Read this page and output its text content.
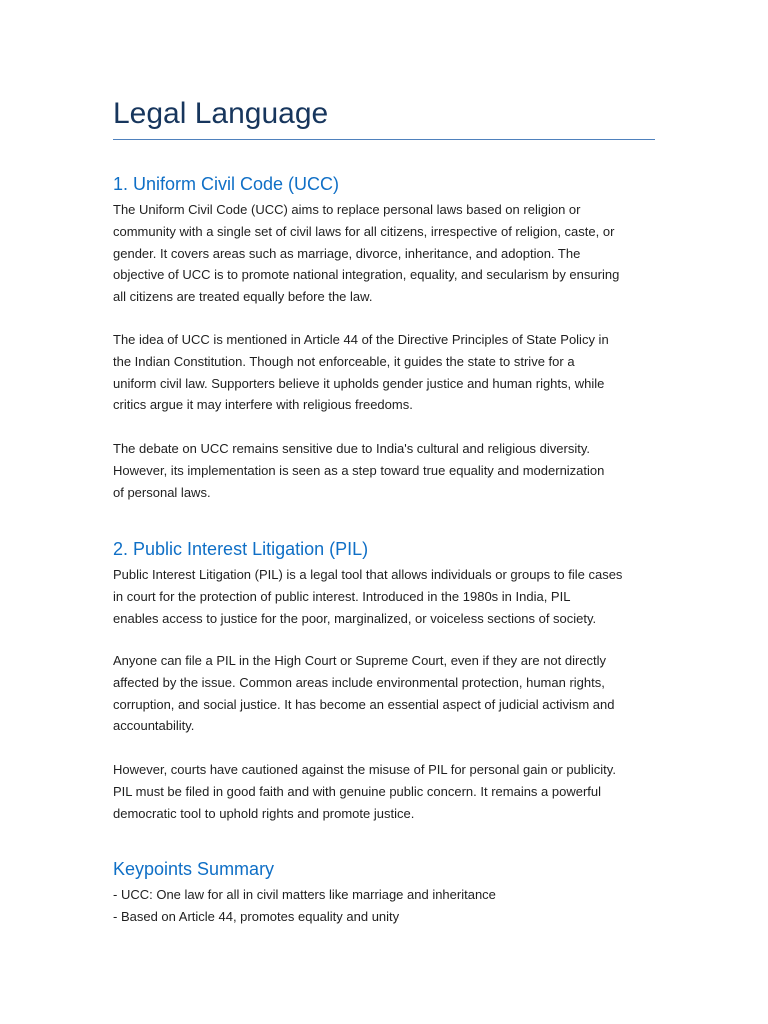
Legal Language
1. Uniform Civil Code (UCC)

The Uniform Civil Code (UCC) aims to replace personal laws based on religion or
community with a single set of civil laws for all citizens, irrespective of religion, caste, or
gender. It covers areas such as marriage, divorce, inheritance, and adoption. The
objective of UCC is to promote national integration, equality, and secularism by ensuring
all citizens are treated equally before the law.

The idea of UCC is mentioned in Article 44 of the Directive Principles of State Policy in
the Indian Constitution. Though not enforceable, it guides the state to strive for a
uniform civil law. Supporters believe it upholds gender justice and human rights, while
critics argue it may interfere with religious freedoms.

The debate on UCC remains sensitive due to India's cultural and religious diversity.
However, its implementation is seen as a step toward true equality and modernization
of personal laws.

2. Public Interest Litigation (PIL)

Public Interest Litigation (PIL) is a legal tool that allows individuals or groups to file cases
in court for the protection of public interest. Introduced in the 1980s in India, PIL
enables access to justice for the poor, marginalized, or voiceless sections of society.

Anyone can file a PIL in the High Court or Supreme Court, even if they are not directly
affected by the issue. Common areas include environmental protection, human rights,
corruption, and social justice. It has become an essential aspect of judicial activism and
accountability.

However, courts have cautioned against the misuse of PIL for personal gain or publicity.
PIL must be filed in good faith and with genuine public concern. It remains a powerful
democratic tool to uphold rights and promote justice.

Keypoints Summary
- UCC: One law for all in civil matters like marriage and inheritance
- Based on Article 44, promotes equality and unity
